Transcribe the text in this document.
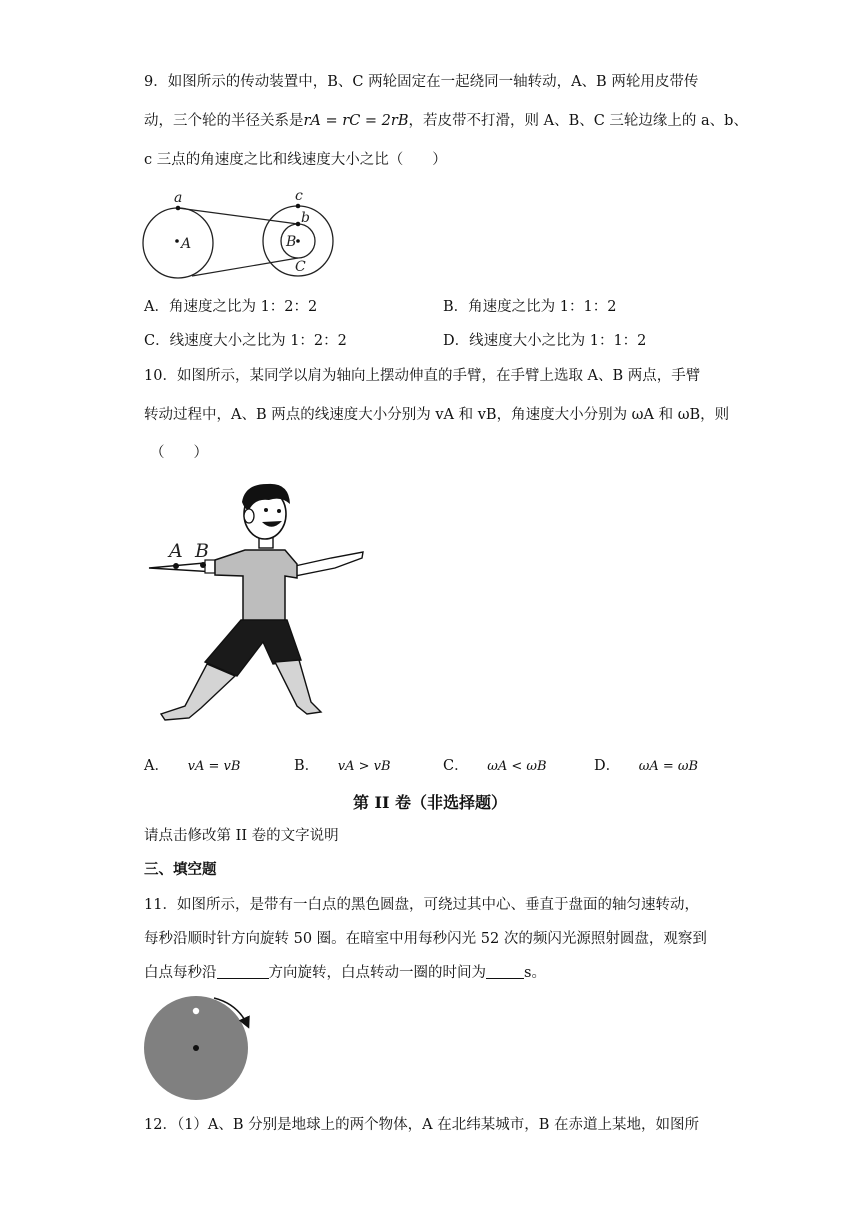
9．如图所示的传动装置中，B、C 两轮固定在一起绕同一轴转动，A、B 两轮用皮带传
动，三个轮的半径关系是rA = rC = 2rB，若皮带不打滑，则 A、B、C 三轮边缘上的 a、b、
c 三点的角速度之比和线速度大小之比（　　）
a
A
c
b
B
C
A．角速度之比为 1：2：2	B．角速度之比为 1：1：2
C．线速度大小之比为 1：2：2	D．线速度大小之比为 1：1：2
10．如图所示，某同学以肩为轴向上摆动伸直的手臂，在手臂上选取 A、B 两点，手臂
转动过程中，A、B 两点的线速度大小分别为 vA 和 vB，角速度大小分别为 ωA 和 ωB，则
（　　）
A B
A． vA = vB	B． vA > vB	C． ωA < ωB	D． ωA = ωB
第 II 卷（非选择题）
请点击修改第 II 卷的文字说明
三、填空题
11．如图所示，是带有一白点的黑色圆盘，可绕过其中心、垂直于盘面的轴匀速转动，
每秒沿顺时针方向旋转 50 圈。在暗室中用每秒闪光 52 次的频闪光源照射圆盘，观察到
白点每秒沿	方向旋转，白点转动一圈的时间为	s。
12．（1）A、B 分别是地球上的两个物体，A 在北纬某城市，B 在赤道上某地，如图所
